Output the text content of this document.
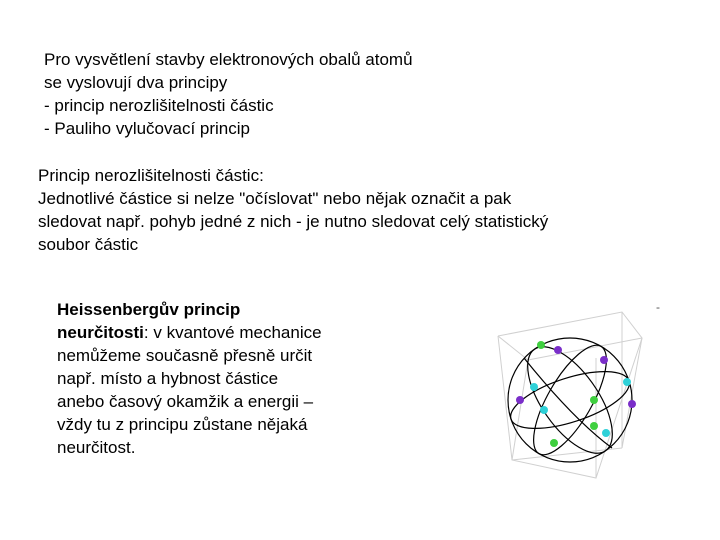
Pro vysvětlení stavby elektronových obalů atomů
se vyslovují dva principy
- princip nerozlišitelnosti částic
- Pauliho vylučovací princip
Princip nerozlišitelnosti částic:
Jednotlivé částice si nelze "očíslovat" nebo nějak označit a pak
sledovat např. pohyb jedné z nich - je nutno sledovat celý statistický
soubor částic
Heissenbergův princip
neurčitosti: v kvantové mechanice
nemůžeme současně přesně určit
např. místo a hybnost částice
anebo časový okamžik a energii –
vždy tu z principu zůstane nějaká
neurčitost.
-
